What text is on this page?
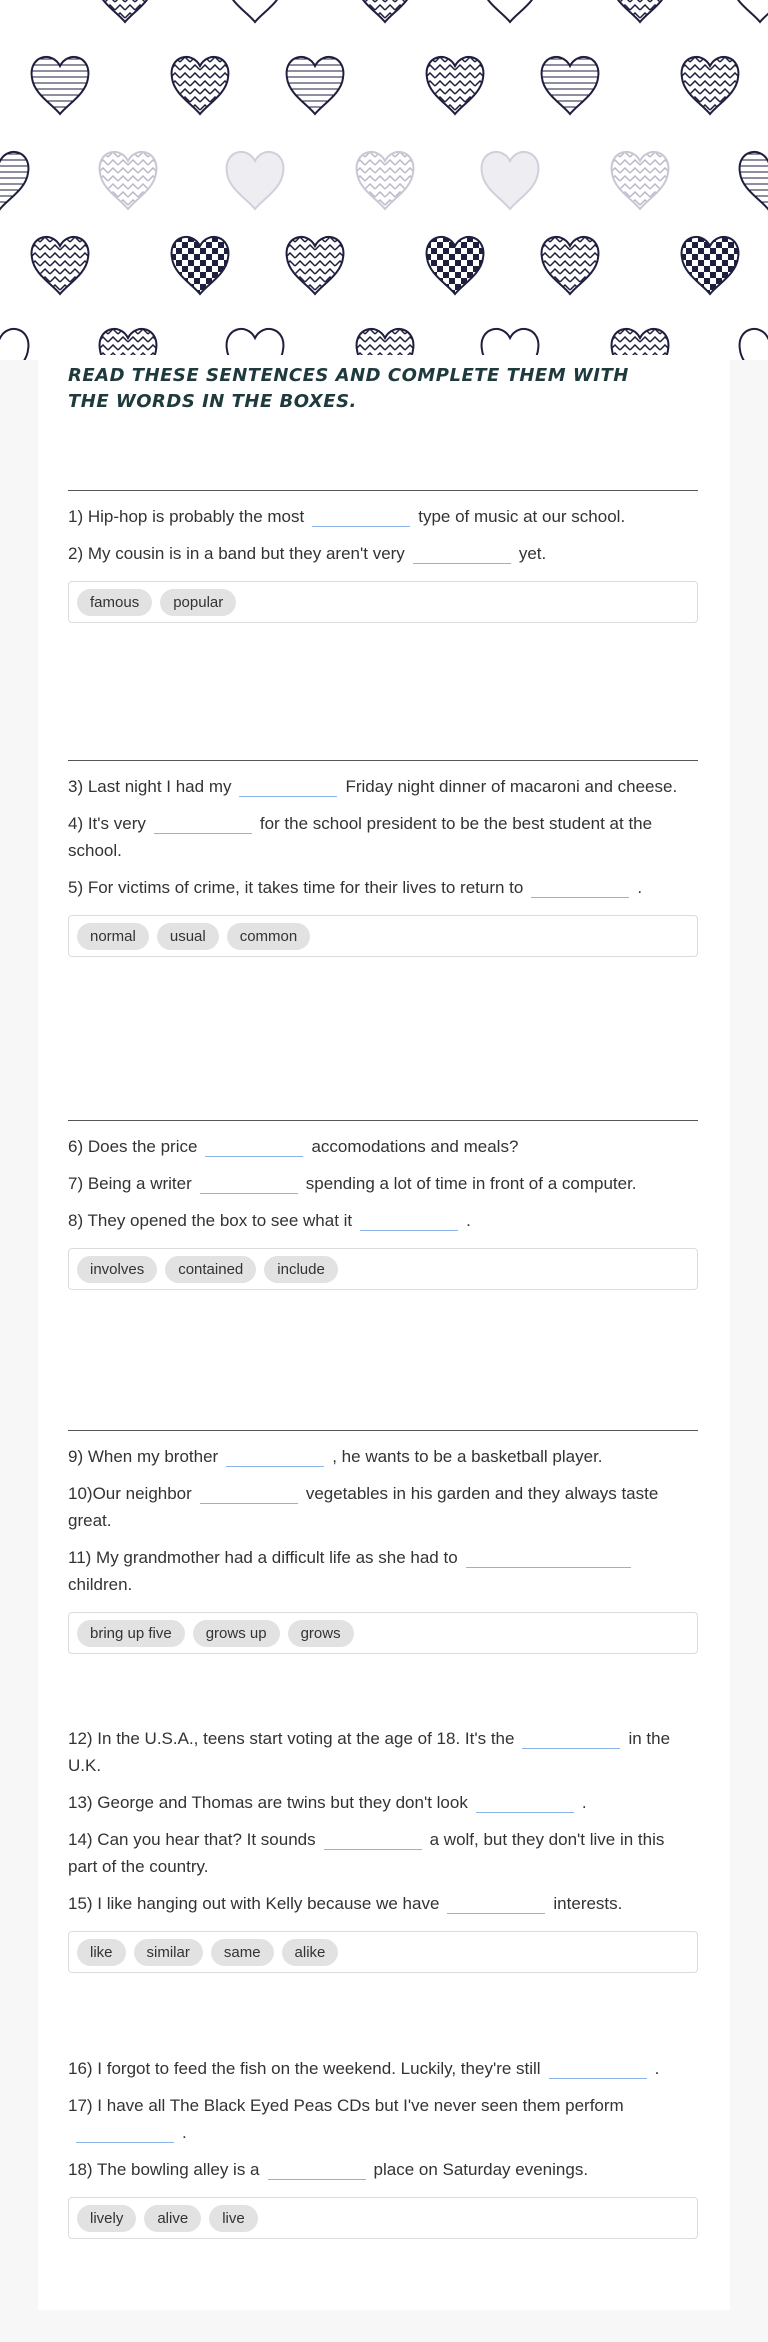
READ THESE SENTENCES AND COMPLETE THEM WITH THE WORDS IN THE BOXES.
1) Hip-hop is probably the most	type of music at our school.
2) My cousin is in a band but they aren't very	yet.
famous	popular
3) Last night I had my	Friday night dinner of macaroni and cheese.
4) It's very	for the school president to be the best student at the school.
5) For victims of crime, it takes time for their lives to return to	.
normal	usual	common
6) Does the price	accomodations and meals?
7) Being a writer	spending a lot of time in front of a computer.
8) They opened the box to see what it	.
involves	contained	include
9) When my brother	, he wants to be a basketball player.
10)Our neighbor	vegetables in his garden and they always taste great.
11) My grandmother had a difficult life as she had tochildren.
bring up five	grows up	grows
12) In the U.S.A., teens start voting at the age of 18. It's the	in the U.K.
13) George and Thomas are twins but they don't look	.
14) Can you hear that? It sounds	a wolf, but they don't live in this part of the country.
15) I like hanging out with Kelly because we have	interests.
like	similar	same	alike
16) I forgot to feed the fish on the weekend. Luckily, they're still	.
17) I have all The Black Eyed Peas CDs but I've never seen them perform.
18) The bowling alley is a	place on Saturday evenings.
lively	alive	live
